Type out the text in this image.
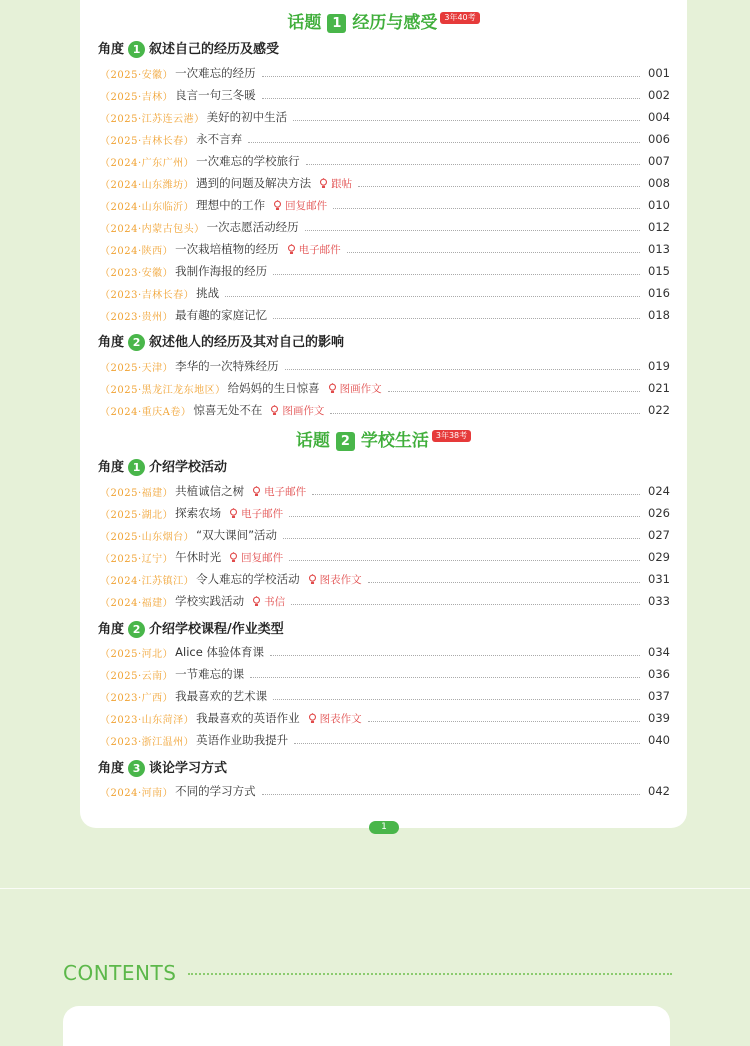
话题 1 经历与感受 3年40考
角度 1 叙述自己的经历及感受
（2025·安徽） 一次难忘的经历	001
（2025·吉林） 良言一句三冬暖	002
（2025·江苏连云港） 美好的初中生活	004
（2025·吉林长春） 永不言弃	006
（2024·广东广州） 一次难忘的学校旅行	007
（2024·山东潍坊） 遇到的问题及解决方法 跟帖	008
（2024·山东临沂） 理想中的工作 回复邮件	010
（2024·内蒙古包头） 一次志愿活动经历	012
（2024·陕西） 一次栽培植物的经历 电子邮件	013
（2023·安徽） 我制作海报的经历	015
（2023·吉林长春） 挑战	016
（2023·贵州） 最有趣的家庭记忆	018
角度 2 叙述他人的经历及其对自己的影响
（2025·天津） 李华的一次特殊经历	019
（2025·黑龙江龙东地区） 给妈妈的生日惊喜 图画作文	021
（2024·重庆A卷） 惊喜无处不在 图画作文	022
话题 2 学校生活 3年38考
角度 1 介绍学校活动
（2025·福建） 共植诚信之树 电子邮件	024
（2025·湖北） 探索农场 电子邮件	026
（2025·山东烟台） “双大课间”活动	027
（2025·辽宁） 午休时光 回复邮件	029
（2024·江苏镇江） 令人难忘的学校活动 图表作文	031
（2024·福建） 学校实践活动 书信	033
角度 2 介绍学校课程/作业类型
（2025·河北） Alice 体验体育课	034
（2025·云南） 一节难忘的课	036
（2023·广西） 我最喜欢的艺术课	037
（2023·山东菏泽） 我最喜欢的英语作业 图表作文	039
（2023·浙江温州） 英语作业助我提升	040
角度 3 谈论学习方式
（2024·河南） 不同的学习方式	042
1
CONTENTS
